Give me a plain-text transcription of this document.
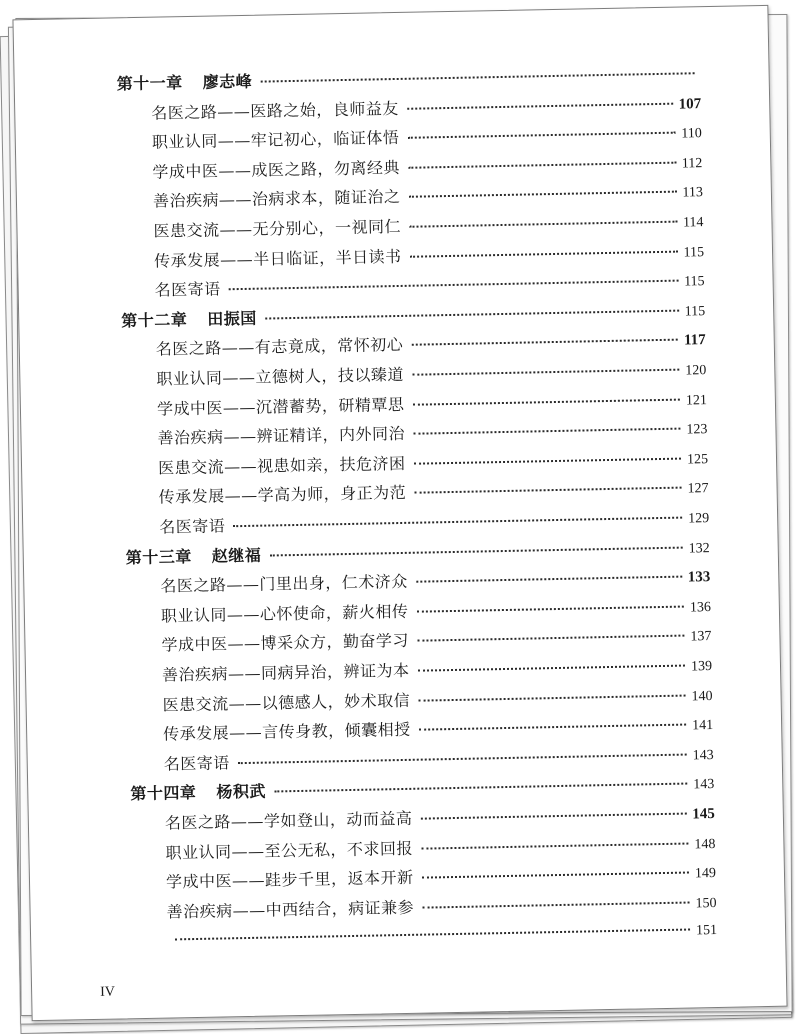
第十一章 廖志峰
名医之路——医路之始，良师益友	107
职业认同——牢记初心，临证体悟	110
学成中医——成医之路，勿离经典	112
善治疾病——治病求本，随证治之	113
医患交流——无分别心，一视同仁	114
传承发展——半日临证，半日读书	115
名医寄语	115
第十二章 田振国	115
名医之路——有志竟成，常怀初心	117
职业认同——立德树人，技以臻道	120
学成中医——沉潜蓄势，研精覃思	121
善治疾病——辨证精详，内外同治	123
医患交流——视患如亲，扶危济困	125
传承发展——学高为师，身正为范	127
名医寄语	129
第十三章 赵继福	132
名医之路——门里出身，仁术济众	133
职业认同——心怀使命，薪火相传	136
学成中医——博采众方，勤奋学习	137
善治疾病——同病异治，辨证为本	139
医患交流——以德感人，妙术取信	140
传承发展——言传身教，倾囊相授	141
名医寄语	143
第十四章 杨积武	143
名医之路——学如登山，动而益高	145
职业认同——至公无私，不求回报	148
学成中医——跬步千里，返本开新	149
善治疾病——中西结合，病证兼参	150
151
IV
